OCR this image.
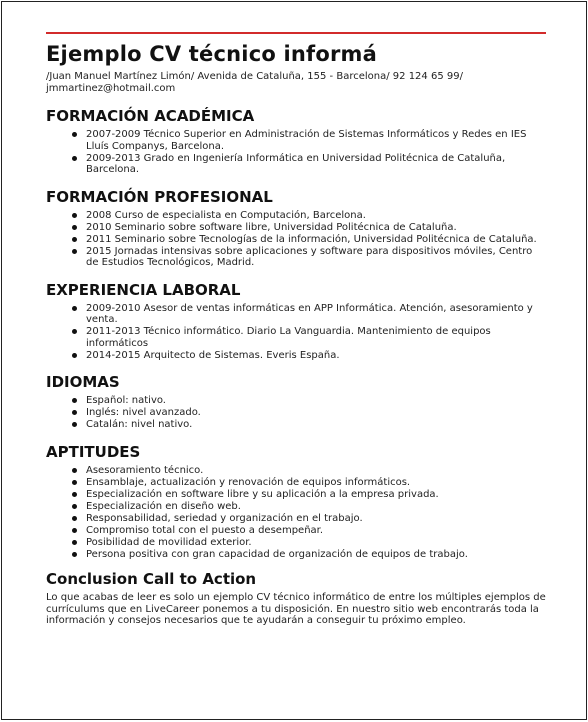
Ejemplo CV técnico informá
/Juan Manuel Martínez Limón/ Avenida de Cataluña, 155 - Barcelona/ 92 124 65 99/
jmmartinez@hotmail.com
FORMACIÓN ACADÉMICA
2007-2009 Técnico Superior en Administración de Sistemas Informáticos y Redes en IES Lluís Companys, Barcelona.
2009-2013 Grado en Ingeniería Informática en Universidad Politécnica de Cataluña, Barcelona.
FORMACIÓN PROFESIONAL
2008 Curso de especialista en Computación, Barcelona.
2010 Seminario sobre software libre, Universidad Politécnica de Cataluña.
2011 Seminario sobre Tecnologías de la información, Universidad Politécnica de Cataluña.
2015 Jornadas intensivas sobre aplicaciones y software para dispositivos móviles, Centro de Estudios Tecnológicos, Madrid.
EXPERIENCIA LABORAL
2009-2010 Asesor de ventas informáticas en APP Informática. Atención, asesoramiento y venta.
2011-2013 Técnico informático. Diario La Vanguardia. Mantenimiento de equipos informáticos
2014-2015 Arquitecto de Sistemas. Everis España.
IDIOMAS
Español: nativo.
Inglés: nivel avanzado.
Catalán: nivel nativo.
APTITUDES
Asesoramiento técnico.
Ensamblaje, actualización y renovación de equipos informáticos.
Especialización en software libre y su aplicación a la empresa privada.
Especialización en diseño web.
Responsabilidad, seriedad y organización en el trabajo.
Compromiso total con el puesto a desempeñar.
Posibilidad de movilidad exterior.
Persona positiva con gran capacidad de organización de equipos de trabajo.
Conclusion Call to Action

Lo que acabas de leer es solo un ejemplo CV técnico informático de entre los múltiples ejemplos de currículums que en LiveCareer ponemos a tu disposición. En nuestro sitio web encontrarás toda la información y consejos necesarios que te ayudarán a conseguir tu próximo empleo.
